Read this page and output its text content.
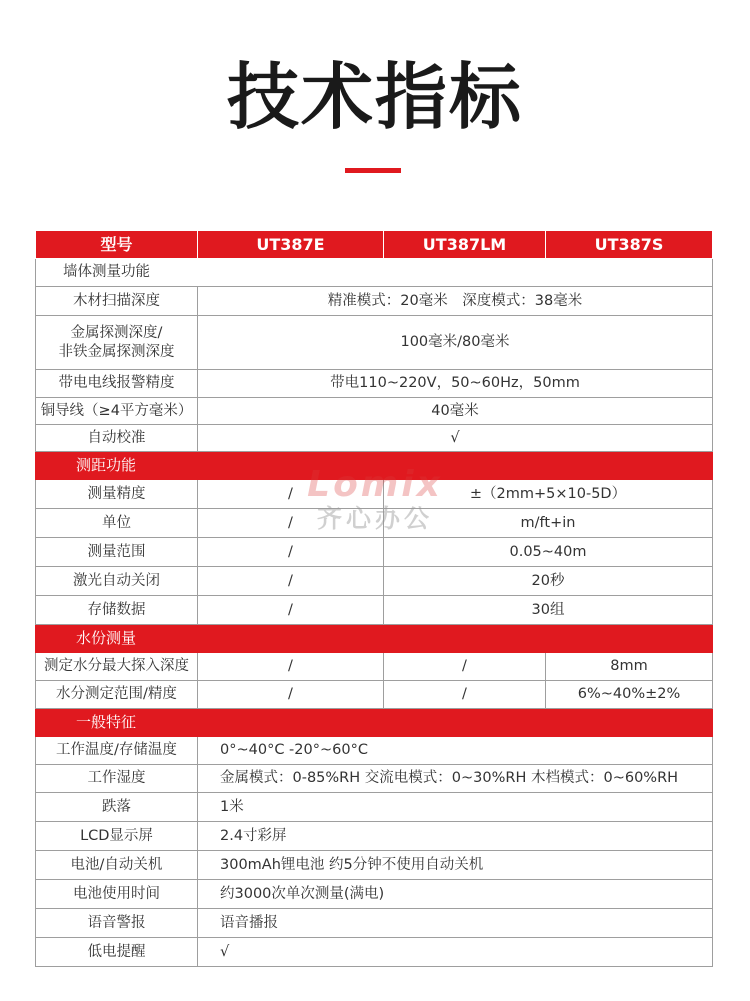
技术指标
型号	UT387E	UT387LM	UT387S
墙体测量功能			
木材扫描深度	精准模式：20毫米　深度模式：38毫米		

金属探测深度/
非铁金属探测深度	100毫米/80毫米		
带电电线报警精度	带电110~220V，50~60Hz，50mm		
铜导线（≥4平方毫米）	40毫米		
自动校准	√		
测距功能			
测量精度	/	±（2mm+5×10-5D）	
单位	/	m/ft+in	
测量范围	/	0.05~40m	
激光自动关闭	/	20秒	
存储数据	/	30组	
水份测量			
测定水分最大探入深度	/	/	8mm
水分测定范围/精度	/	/	6%~40%±2%
一般特征			
工作温度/存储温度	0°~40°C -20°~60°C		
工作湿度	金属模式：0-85%RH 交流电模式：0~30%RH 木档模式：0~60%RH		
跌落	1米		
LCD显示屏	2.4寸彩屏		
电池/自动关机	300mAh锂电池 约5分钟不使用自动关机		
电池使用时间	约3000次单次测量(满电)		
语音警报	语音播报		
低电提醒	√		
Lomix
齐心办公
